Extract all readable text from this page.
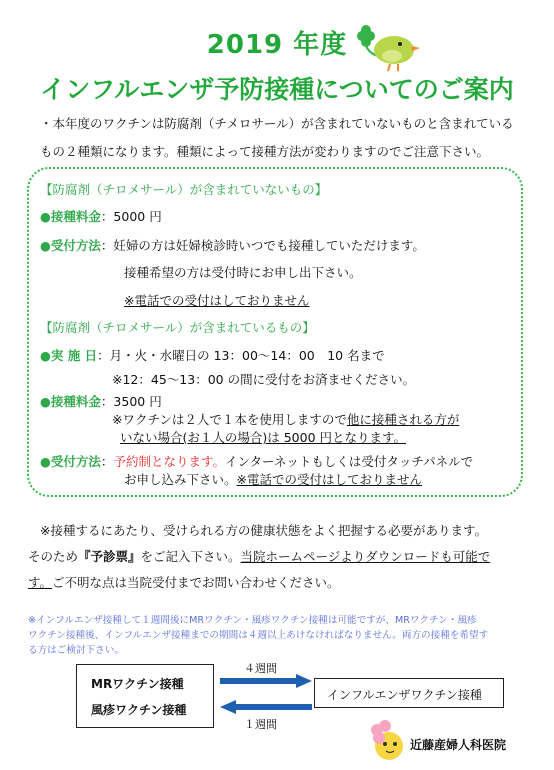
2019 年度
インフルエンザ予防接種についてのご案内
・本年度のワクチンは防腐剤（チメロサール）が含まれていないものと含まれている
もの２種類になります。種類によって接種方法が変わりますのでご注意下さい。
【防腐剤（チロメサール）が含まれていないもの】
●接種料金：5000 円
●受付方法：妊婦の方は妊婦検診時いつでも接種していただけます。
接種希望の方は受付時にお申し出下さい。
※電話での受付はしておりません
【防腐剤（チロメサール）が含まれているもの】
●実 施 日：月・火・水曜日の 13：00～14：00　10 名まで
※12：45～13：00 の間に受付をお済ませください。
●接種料金：3500 円
※ワクチンは２人で１本を使用しますので他に接種される方が
いない場合(お１人の場合)は 5000 円となります。
●受付方法：予約制となります。インターネットもしくは受付タッチパネルで
お申し込み下さい。※電話での受付はしておりません
※接種するにあたり、受けられる方の健康状態をよく把握する必要があります。
そのため『予診票』をご記入下さい。当院ホームページよりダウンロードも可能で
す。ご不明な点は当院受付までお問い合わせください。
※インフルエンザ接種して１週間後にMRワクチン・風疹ワクチン接種は可能ですが、MRワクチン・風疹
ワクチン接種後、インフルエンザ接種までの期間は４週以上あけなければなりません。両方の接種を希望す
る方はご検討下さい。
MRワクチン接種
風疹ワクチン接種
４週間
１週間
インフルエンザワクチン接種
近藤産婦人科医院
